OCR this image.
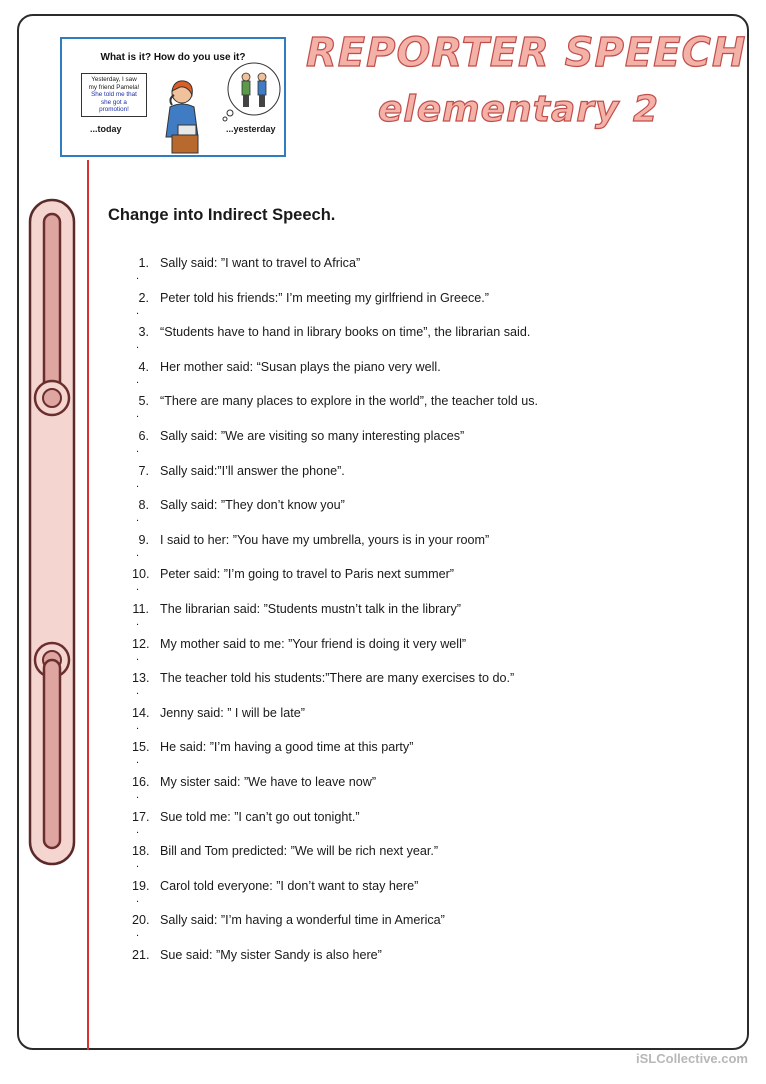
What is it? How do you use it?
Yesterday, I saw
my friend Pamela!
She told me that
she got a
promotion!
...today	...yesterday
REPORTER SPEECH
elementary 2
Change into Indirect Speech.
1. Sally said: ”I want to travel to Africa”
.
2. Peter told his friends:” I’m meeting my girlfriend in Greece.”
.
3. “Students have to hand in library books on time”, the librarian said.
.
4. Her mother said: “Susan plays the piano very well.
.
5. “There are many places to explore in the world”, the teacher told us.
.
6. Sally said: ”We are visiting so many interesting places”
.
7. Sally said:”I’ll answer the phone”.
.
8. Sally said: ”They don’t know you”
.
9. I said to her: ”You have my umbrella, yours is in your room”
.
10. Peter said: ”I’m going to travel to Paris next summer”
.
11. The librarian said: ”Students mustn’t talk in the library”
.
12. My mother said to me: ”Your friend is doing it very well”
.
13. The teacher told his students:”There are many exercises to do.”
.
14. Jenny said: ” I will be late”
.
15. He said: ”I’m having a good time at this party”
.
16. My sister said: ”We have to leave now”
.
17. Sue told me: ”I can’t go out tonight.”
.
18. Bill and Tom predicted: ”We will be rich next year.”
.
19. Carol told everyone: ”I don’t want to stay here”
.
20. Sally said: ”I’m having a wonderful time in America”
.
21. Sue said: ”My sister Sandy is also here”
iSLCollective.com
